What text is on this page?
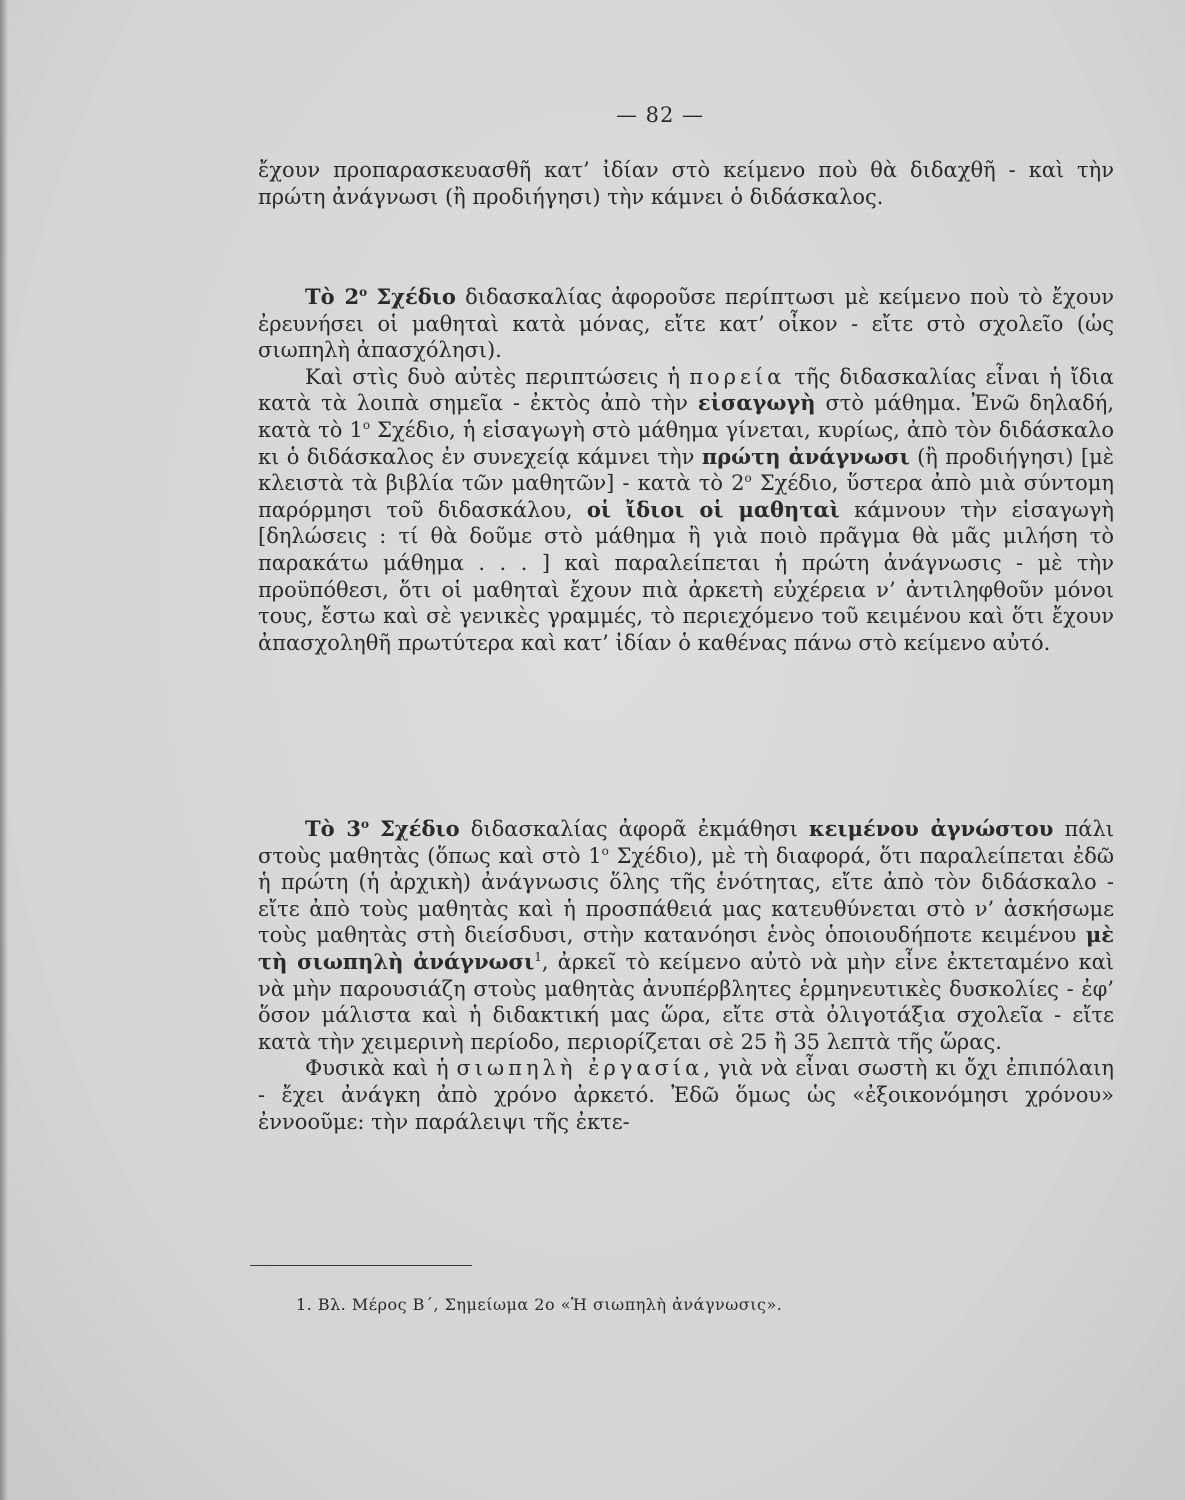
— 82 —

ἔχουν προπαρασκευασθῆ κατ’ ἰδίαν στὸ κείμενο ποὺ θὰ διδαχθῆ - καὶ τὴν πρώτη ἀνάγνωσι (ἢ προδιήγησι) τὴν κάμνει ὁ διδάσκαλος.

Τὸ $2^o$ Σχέδιο διδασκαλίας ἀφοροῦσε περίπτωσι μὲ κείμενο ποὺ τὸ ἔχουν ἐρευνήσει οἱ μαθηταὶ κατὰ μόνας, εἴτε κατ’ οἶκον - εἴτε στὸ σχολεῖο (ὡς σιωπηλὴ ἀπασχόλησι).

Καὶ στὶς δυὸ αὐτὲς περιπτώσεις ἡ πορεία τῆς διδασκαλίας εἶναι ἡ ἴδια κατὰ τὰ λοιπὰ σημεῖα - ἐκτὸς ἀπὸ τὴν εἰσαγωγὴ στὸ μάθημα. Ἐνῶ δηλαδή, κατὰ τὸ $1^o$ Σχέδιο, ἡ εἰσαγωγὴ στὸ μάθημα γίνεται, κυρίως, ἀπὸ τὸν διδάσκαλο κι ὁ διδάσκαλος ἐν συνεχείᾳ κάμνει τὴν πρώτη ἀνάγνωσι (ἢ προδιήγησι) [μὲ κλειστὰ τὰ βιβλία τῶν μαθητῶν] - κατὰ τὸ $2^o$ Σχέδιο, ὕστερα ἀπὸ μιὰ σύντομη παρόρμησι τοῦ διδασκάλου, οἱ ἴδιοι οἱ μαθηταὶ κάμνουν τὴν εἰσαγωγὴ [δηλώσεις : τί θὰ δοῦμε στὸ μάθημα ἢ γιὰ ποιὸ πρᾶγμα θὰ μᾶς μιλήση τὸ παρακάτω μάθημα . . . ] καὶ παραλείπεται ἡ πρώτη ἀνάγνωσις - μὲ τὴν προϋπόθεσι, ὅτι οἱ μαθηταὶ ἔχουν πιὰ ἀρκετὴ εὐχέρεια ν’ ἀντιληφθοῦν μόνοι τους, ἔστω καὶ σὲ γενικὲς γραμμές, τὸ περιεχόμενο τοῦ κειμένου καὶ ὅτι ἔχουν ἀπασχοληθῆ πρωτύτερα καὶ κατ’ ἰδίαν ὁ καθένας πάνω στὸ κείμενο αὐτό.

Τὸ $3^o$ Σχέδιο διδασκαλίας ἀφορᾶ ἐκμάθησι κειμένου ἀγνώστου πάλι στοὺς μαθητὰς (ὅπως καὶ στὸ $1^o$ Σχέδιο), μὲ τὴ διαφορά, ὅτι παραλείπεται ἐδῶ ἡ πρώτη (ἡ ἀρχικὴ) ἀνάγνωσις ὅλης τῆς ἑνότητας, εἴτε ἀπὸ τὸν διδάσκαλο - εἴτε ἀπὸ τοὺς μαθητὰς καὶ ἡ προσπάθειά μας κατευθύνεται στὸ ν’ ἀσκήσωμε τοὺς μαθητὰς στὴ διείσδυσι, στὴν κατανόησι ἑνὸς ὁποιουδήποτε κειμένου μὲ τὴ σιωπηλὴ ἀνάγνωσι$^1$, ἀρκεῖ τὸ κείμενο αὐτὸ νὰ μὴν εἶνε ἐκτεταμένο καὶ νὰ μὴν παρουσιάζη στοὺς μαθητὰς ἀνυπέρβλητες ἑρμηνευτικὲς δυσκολίες - ἐφ’ ὅσον μάλιστα καὶ ἡ διδακτική μας ὥρα, εἴτε στὰ ὀλιγοτάξια σχολεῖα - εἴτε κατὰ τὴν χειμερινὴ περίοδο, περιορίζεται σὲ 25 ἢ 35 λεπτὰ τῆς ὥρας.

Φυσικὰ καὶ ἡ σιωπηλὴ ἐργασία, γιὰ νὰ εἶναι σωστὴ κι ὄχι ἐπιπόλαιη - ἔχει ἀνάγκη ἀπὸ χρόνο ἀρκετό. Ἐδῶ ὅμως ὡς «ἐξοικονόμησι χρόνου» ἐννοοῦμε: τὴν παράλειψι τῆς ἐκτε-

1. Βλ. Μέρος Β΄, Σημείωμα 2ο «Ἡ σιωπηλὴ ἀνάγνωσις».
